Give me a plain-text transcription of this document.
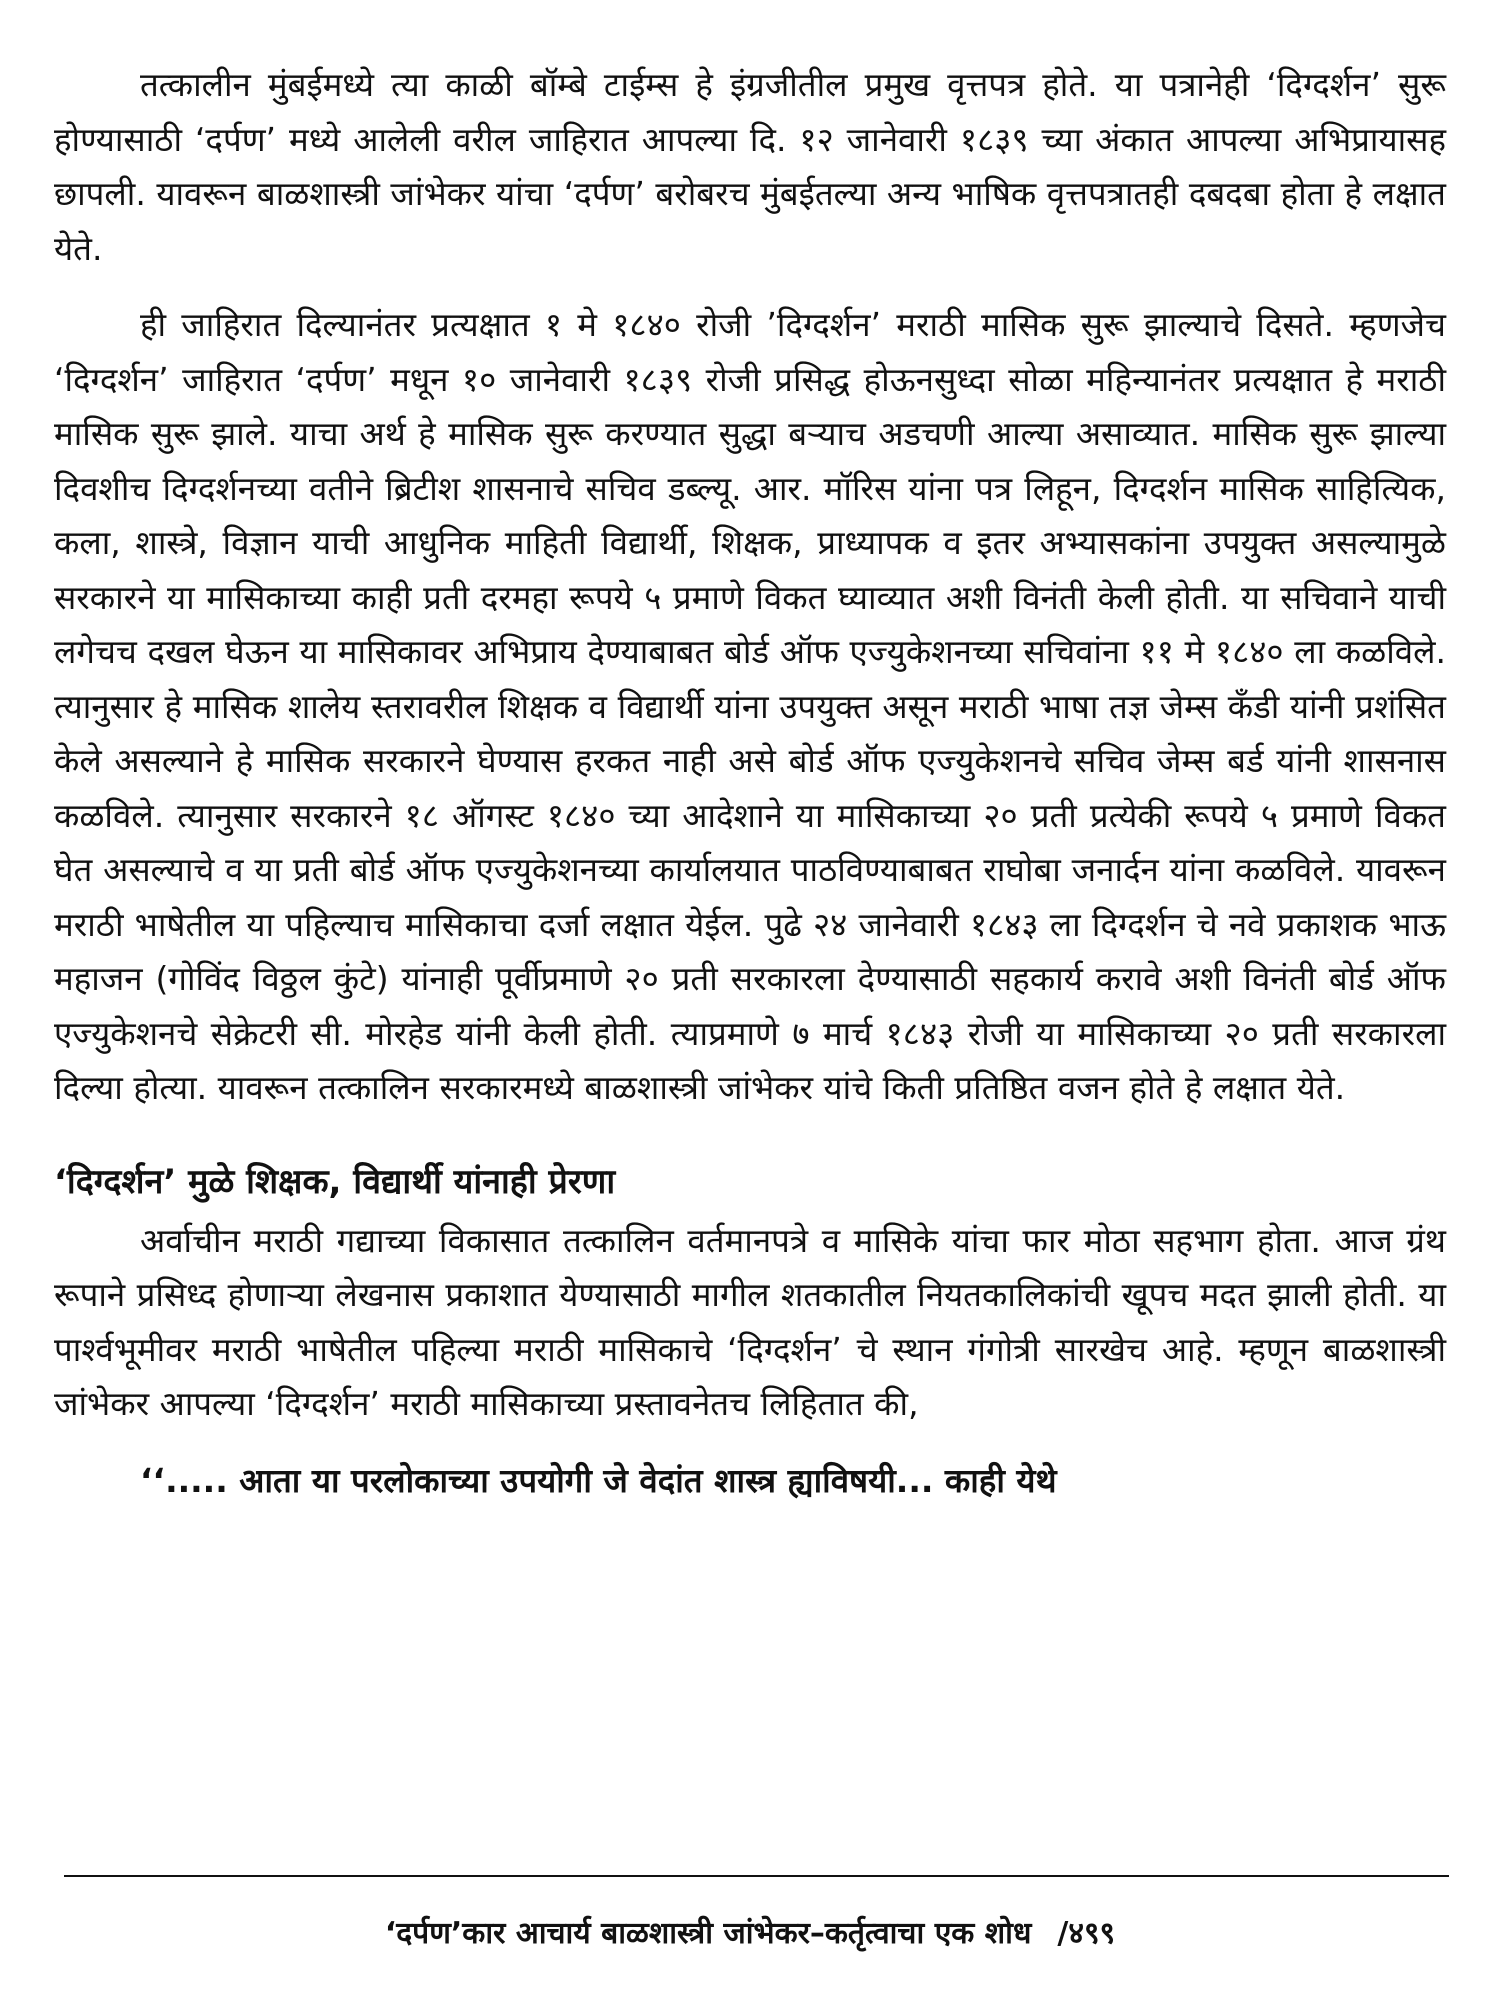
तत्कालीन मुंबईमध्ये त्या काळी बॉम्बे टाईम्स हे इंग्रजीतील प्रमुख वृत्तपत्र होते. या पत्रानेही ‘दिग्दर्शन’ सुरू होण्यासाठी ‘दर्पण’ मध्ये आलेली वरील जाहिरात आपल्या दि. १२ जानेवारी १८३९ च्या अंकात आपल्या अभिप्रायासह छापली. यावरून बाळशास्त्री जांभेकर यांचा ‘दर्पण’ बरोबरच मुंबईतल्या अन्य भाषिक वृत्तपत्रातही दबदबा होता हे लक्षात येते.

ही जाहिरात दिल्यानंतर प्रत्यक्षात १ मे १८४० रोजी ’दिग्दर्शन’ मराठी मासिक सुरू झाल्याचे दिसते. म्हणजेच ‘दिग्दर्शन’ जाहिरात ‘दर्पण’ मधून १० जानेवारी १८३९ रोजी प्रसिद्ध होऊनसुध्दा सोळा महिन्यानंतर प्रत्यक्षात हे मराठी मासिक सुरू झाले. याचा अर्थ हे मासिक सुरू करण्यात सुद्धा बऱ्याच अडचणी आल्या असाव्यात. मासिक सुरू झाल्या दिवशीच दिग्दर्शनच्या वतीने ब्रिटीश शासनाचे सचिव डब्ल्यू. आर. मॉरिस यांना पत्र लिहून, दिग्दर्शन मासिक साहित्यिक, कला, शास्त्रे, विज्ञान याची आधुनिक माहिती विद्यार्थी, शिक्षक, प्राध्यापक व इतर अभ्यासकांना उपयुक्त असल्यामुळे सरकारने या मासिकाच्या काही प्रती दरमहा रूपये ५ प्रमाणे विकत घ्याव्यात अशी विनंती केली होती. या सचिवाने याची लगेचच दखल घेऊन या मासिकावर अभिप्राय देण्याबाबत बोर्ड ऑफ एज्युकेशनच्या सचिवांना ११ मे १८४० ला कळविले. त्यानुसार हे मासिक शालेय स्तरावरील शिक्षक व विद्यार्थी यांना उपयुक्त असून मराठी भाषा तज्ञ जेम्स कँडी यांनी प्रशंसित केले असल्याने हे मासिक सरकारने घेण्यास हरकत नाही असे बोर्ड ऑफ एज्युकेशनचे सचिव जेम्स बर्ड यांनी शासनास कळविले. त्यानुसार सरकारने १८ ऑगस्ट १८४० च्या आदेशाने या मासिकाच्या २० प्रती प्रत्येकी रूपये ५ प्रमाणे विकत घेत असल्याचे व या प्रती बोर्ड ऑफ एज्युकेशनच्या कार्यालयात पाठविण्याबाबत राघोबा जनार्दन यांना कळविले. यावरून मराठी भाषेतील या पहिल्याच मासिकाचा दर्जा लक्षात येईल. पुढे २४ जानेवारी १८४३ ला दिग्दर्शन चे नवे प्रकाशक भाऊ महाजन (गोविंद विठ्ठल कुंटे) यांनाही पूर्वीप्रमाणे २० प्रती सरकारला देण्यासाठी सहकार्य करावे अशी विनंती बोर्ड ऑफ एज्युकेशनचे सेक्रेटरी सी. मोरहेड यांनी केली होती. त्याप्रमाणे ७ मार्च १८४३ रोजी या मासिकाच्या २० प्रती सरकारला दिल्या होत्या. यावरून तत्कालिन सरकारमध्ये बाळशास्त्री जांभेकर यांचे किती प्रतिष्ठित वजन होते हे लक्षात येते.

‘दिग्दर्शन’ मुळे शिक्षक, विद्यार्थी यांनाही प्रेरणा

अर्वाचीन मराठी गद्याच्या विकासात तत्कालिन वर्तमानपत्रे व मासिके यांचा फार मोठा सहभाग होता. आज ग्रंथ रूपाने प्रसिध्द होणाऱ्या लेखनास प्रकाशात येण्यासाठी मागील शतकातील नियतकालिकांची खूपच मदत झाली होती. या पार्श्वभूमीवर मराठी भाषेतील पहिल्या मराठी मासिकाचे ‘दिग्दर्शन’ चे स्थान गंगोत्री सारखेच आहे. म्हणून बाळशास्त्री जांभेकर आपल्या ‘दिग्दर्शन’ मराठी मासिकाच्या प्रस्तावनेतच लिहितात की,

‘‘..... आता या परलोकाच्या उपयोगी जे वेदांत शास्त्र ह्याविषयी... काही येथे

‘दर्पण’कार आचार्य बाळशास्त्री जांभेकर–कर्तृत्वाचा एक शोध /४९९
